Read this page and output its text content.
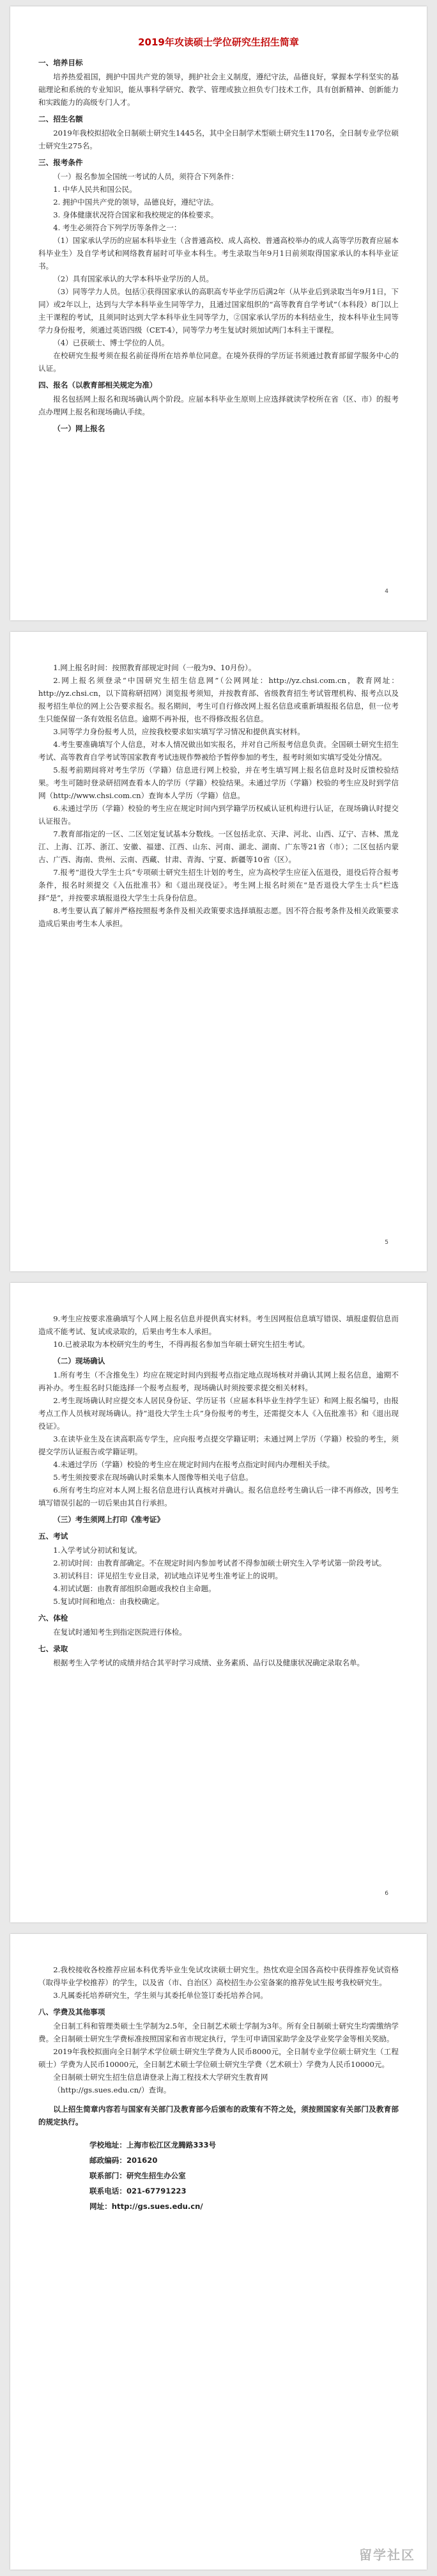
2019年攻读硕士学位研究生招生简章
一、培养目标

培养热爱祖国，拥护中国共产党的领导，拥护社会主义制度，遵纪守法，品德良好，掌握本学科坚实的基础理论和系统的专业知识，能从事科学研究、教学、管理或独立担负专门技术工作，具有创新精神、创新能力和实践能力的高级专门人才。

二、招生名额

2019年我校拟招收全日制硕士研究生1445名，其中全日制学术型硕士研究生1170名，全日制专业学位硕士研究生275名。

三、报考条件

（一）报名参加全国统一考试的人员，须符合下列条件：

1. 中华人民共和国公民。

2. 拥护中国共产党的领导，品德良好，遵纪守法。

3. 身体健康状况符合国家和我校规定的体检要求。

4. 考生必须符合下列学历等条件之一：

（1）国家承认学历的应届本科毕业生（含普通高校、成人高校、普通高校举办的成人高等学历教育应届本科毕业生）及自学考试和网络教育届时可毕业本科生。考生录取当年9月1日前须取得国家承认的本科毕业证书。

（2）具有国家承认的大学本科毕业学历的人员。

（3）同等学力人员。包括①获得国家承认的高职高专毕业学历后满2年（从毕业后到录取当年9月1日，下同）或2年以上，达到与大学本科毕业生同等学力，且通过国家组织的“高等教育自学考试”（本科段）8门以上主干课程的考试，且须同时达到大学本科毕业生同等学力，②国家承认学历的本科结业生，按本科毕业生同等学力身份报考，须通过英语四级（CET-4），同等学力考生复试时须加试两门本科主干课程。

（4）已获硕士、博士学位的人员。

在校研究生报考须在报名前征得所在培养单位同意。在境外获得的学历证书须通过教育部留学服务中心的认证。

四、报名（以教育部相关规定为准）

报名包括网上报名和现场确认两个阶段。应届本科毕业生原则上应选择就读学校所在省（区、市）的报考点办理网上报名和现场确认手续。

（一）网上报名
4

1.网上报名时间：按照教育部规定时间（一般为9、10月份）。

2.网上报名须登录“中国研究生招生信息网”（公网网址：http://yz.chsi.com.cn，教育网址：http://yz.chsi.cn，以下简称研招网）浏览报考须知，并按教育部、省级教育招生考试管理机构、报考点以及报考招生单位的网上公告要求报名。报名期间，考生可自行修改网上报名信息或重新填报报名信息，但一位考生只能保留一条有效报名信息。逾期不再补报，也不得修改报名信息。

3.同等学力身份报考人员，应按我校要求如实填写学习情况和提供真实材料。

4.考生要准确填写个人信息，对本人情况做出如实报名，并对自己所报考信息负责。全国硕士研究生招生考试、高等教育自学考试等国家教育考试违规作弊被给予暂停参加的考生，报考时须如实填写受处分情况。

5.报考前期间将对考生学历（学籍）信息进行网上校验，并在考生填写网上报名信息时及时反馈校验结果。考生可随时登录研招网查看本人的学历（学籍）校验结果。未通过学历（学籍）校验的考生应及时到学信网（http://www.chsi.com.cn）查询本人学历（学籍）信息。

6.未通过学历（学籍）校验的考生应在规定时间内到学籍学历权威认证机构进行认证，在现场确认时提交认证报告。

7.教育部指定的一区、二区划定复试基本分数线。一区包括北京、天津、河北、山西、辽宁、吉林、黑龙江、上海、江苏、浙江、安徽、福建、江西、山东、河南、湖北、湖南、广东等21省（市）；二区包括内蒙古、广西、海南、贵州、云南、西藏、甘肃、青海、宁夏、新疆等10省（区）。

7.报考“退役大学生士兵”专项硕士研究生招生计划的考生，应为高校学生应征入伍退役，退役后符合报考条件，报名时须提交《入伍批准书》和《退出现役证》。考生网上报名时须在“是否退役大学生士兵”栏选择“是”，并按要求填报退役大学生士兵身份信息。

8.考生要认真了解并严格按照报考条件及相关政策要求选择填报志愿。因不符合报考条件及相关政策要求造成后果由考生本人承担。

5

9.考生应按要求准确填写个人网上报名信息并提供真实材料。考生因网报信息填写错误、填报虚假信息而造成不能考试、复试或录取的，后果由考生本人承担。

10.已被录取为本校研究生的考生，不得再报名参加当年硕士研究生招生考试。

（二）现场确认

1.所有考生（不含推免生）均应在规定时间内到报考点指定地点现场核对并确认其网上报名信息，逾期不再补办。考生报名时只能选择一个报考点报考，现场确认时须按要求提交相关材料。

2.考生现场确认时应提交本人居民身份证、学历证书（应届本科毕业生持学生证）和网上报名编号，由报考点工作人员核对现场确认。持“退役大学生士兵”身份报考的考生，还需提交本人《入伍批准书》和《退出现役证》。

3.在读毕业生及在读高职高专学生，应向报考点提交学籍证明；未通过网上学历（学籍）校验的考生，须提交学历认证报告或学籍证明。

4.未通过学历（学籍）校验的考生应在规定时间内在报考点指定时间内办理相关手续。

5.考生须按要求在现场确认时采集本人图像等相关电子信息。

6.所有考生均应对本人网上报名信息进行认真核对并确认。报名信息经考生确认后一律不再修改，因考生填写错误引起的一切后果由其自行承担。

（三）考生须网上打印《准考证》
五、考试

1.入学考试分初试和复试。

2.初试时间：由教育部确定。不在规定时间内参加考试者不得参加硕士研究生入学考试第一阶段考试。

3.初试科目：详见招生专业目录，初试地点详见考生准考证上的说明。

4.初试试题：由教育部组织命题或我校自主命题。

5.复试时间和地点：由我校确定。

六、体检

在复试时通知考生到指定医院进行体检。

七、录取

根据考生入学考试的成绩并结合其平时学习成绩、业务素质、品行以及健康状况确定录取名单。

6

2.我校接收各校推荐应届本科优秀毕业生免试攻读硕士研究生。热忱欢迎全国各高校中获得推荐免试资格（取得毕业学校推荐）的学生，以及省（市、自治区）高校招生办公室备案的推荐免试生报考我校研究生。

3.凡属委托培养研究生，学生须与其委托单位签订委托培养合同。

八、学费及其他事项

全日制工科和管理类硕士生学制为2.5年，全日制艺术硕士学制为3年。所有全日制硕士研究生均需缴纳学费。全日制硕士研究生学费标准按照国家和省市规定执行，学生可申请国家助学金及学业奖学金等相关奖励。

2019年我校拟面向全日制学术学位硕士研究生学费为人民币8000元，全日制专业学位硕士研究生（工程硕士）学费为人民币10000元，全日制艺术硕士学位硕士研究生学费（艺术硕士）学费为人民币10000元。

全日制硕士研究生招生信息请登录上海工程技术大学研究生教育网

（http://gs.sues.edu.cn/）查询。

以上招生简章内容若与国家有关部门及教育部今后颁布的政策有不符之处，须按照国家有关部门及教育部的规定执行。

学校地址：上海市松江区龙腾路333号
邮政编码：201620
联系部门：研究生招生办公室
联系电话：021-67791223
网址：http://gs.sues.edu.cn/
留学社区
